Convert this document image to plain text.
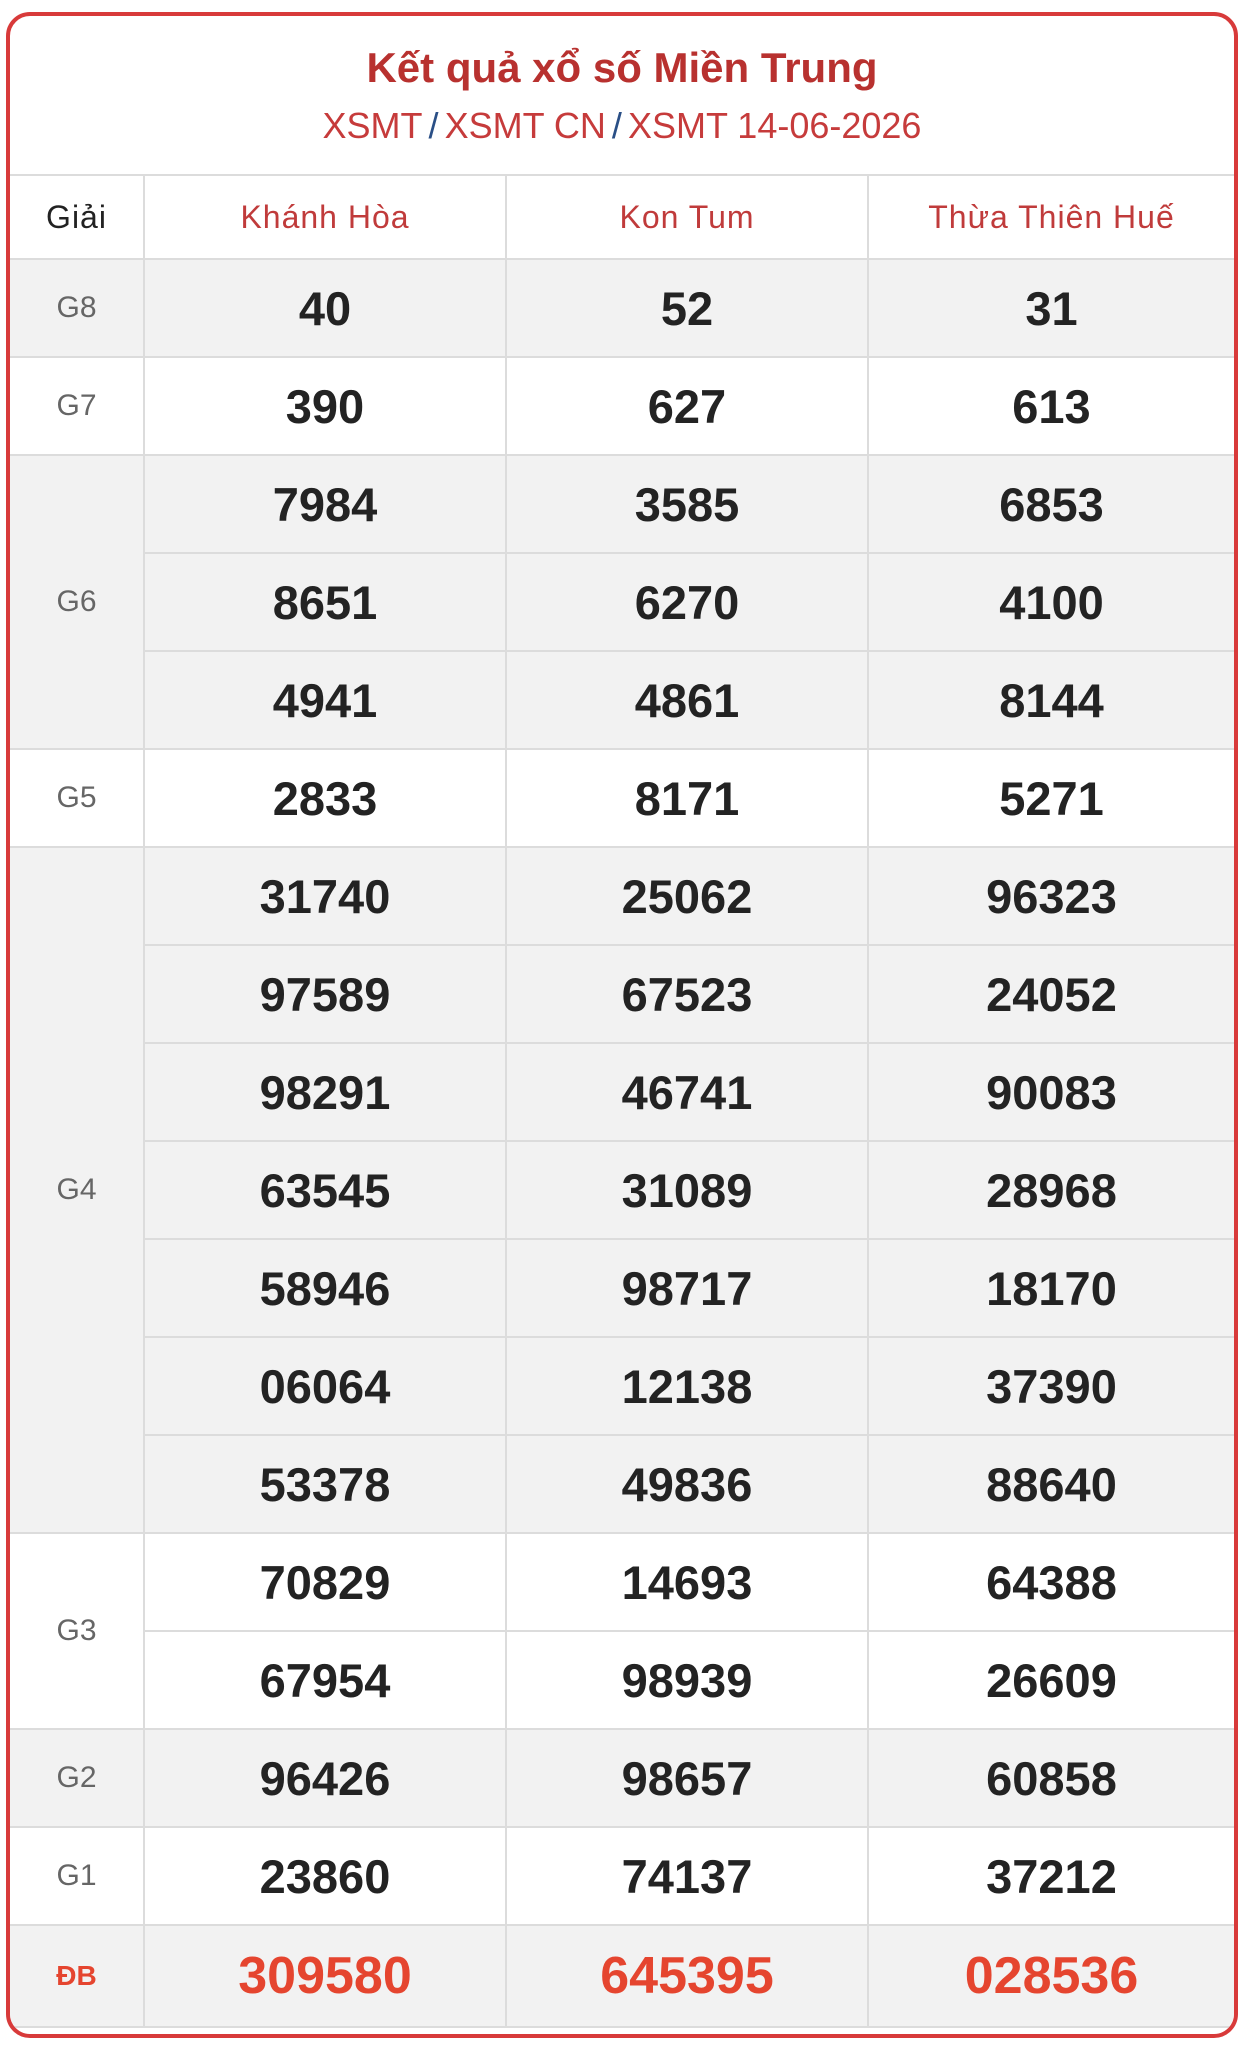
Kết quả xổ số Miền Trung
XSMT / XSMT CN / XSMT 14-06-2026
Giải	Khánh Hòa	Kon Tum	Thừa Thiên Huế
G8	40	52	31
G7	390	627	613
G6	7984	3585	6853
	8651	6270	4100
	4941	4861	8144
G5	2833	8171	5271
G4	31740	25062	96323
	97589	67523	24052
	98291	46741	90083
	63545	31089	28968
	58946	98717	18170
	06064	12138	37390
	53378	49836	88640
G3	70829	14693	64388
	67954	98939	26609
G2	96426	98657	60858
G1	23860	74137	37212
ĐB	309580	645395	028536
